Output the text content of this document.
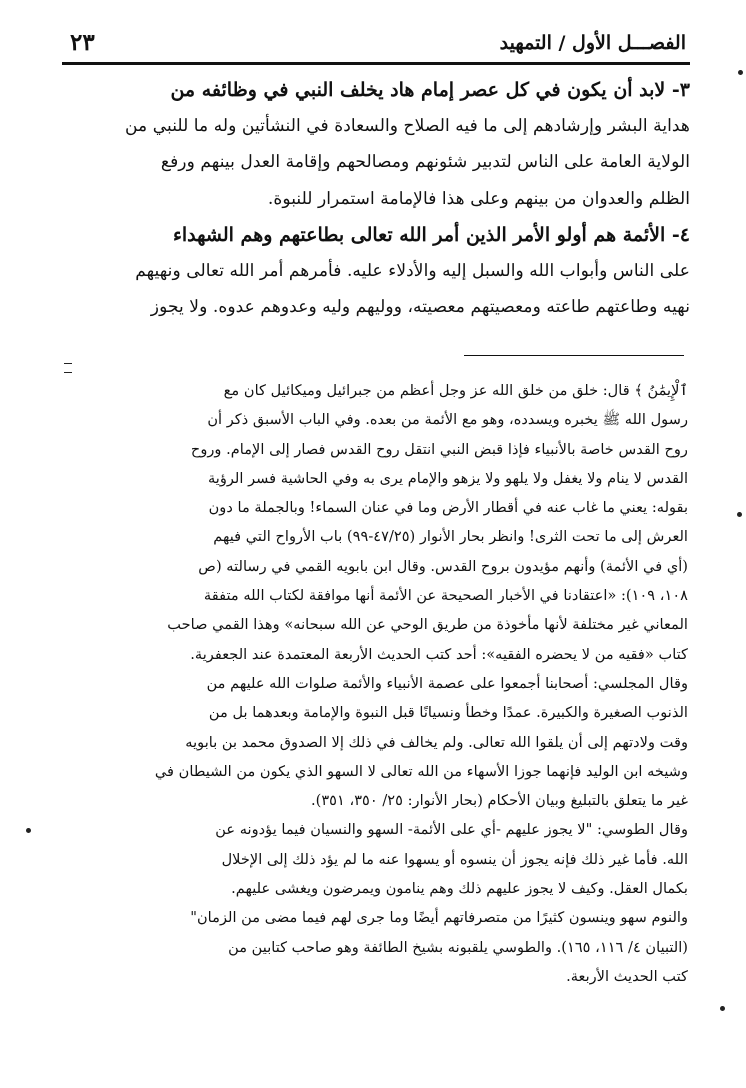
الفصـــل الأول / التمهيد
٢٣
٣- لابد أن يكون في كل عصر إمام هاد يخلف النبي في وظائفه من
هداية البشر وإرشادهم إلى ما فيه الصلاح والسعادة في النشأتين وله ما للنبي من
الولاية العامة على الناس لتدبير شئونهم ومصالحهم وإقامة العدل بينهم ورفع
الظلم والعدوان من بينهم وعلى هذا فالإمامة استمرار للنبوة.
٤- الأئمة هم أولو الأمر الذين أمر الله تعالى بطاعتهم وهم الشهداء
على الناس وأبواب الله والسبل إليه والأدلاء عليه. فأمرهم أمر الله تعالى ونهيهم
نهيه وطاعتهم طاعته ومعصيتهم معصيته، ووليهم وليه وعدوهم عدوه. ولا يجوز
ٱلْإِيمَٰنُ ﴾ قال: خلق من خلق الله عز وجل أعظم من جبرائيل وميكائيل كان مع
رسول الله ﷺ يخبره ويسدده، وهو مع الأئمة من بعده. وفي الباب الأسبق ذكر أن
روح القدس خاصة بالأنبياء فإذا قبض النبي انتقل روح القدس فصار إلى الإمام. وروح
القدس لا ينام ولا يغفل ولا يلهو ولا يزهو والإمام يرى به وفي الحاشية فسر الرؤية
بقوله: يعني ما غاب عنه في أقطار الأرض وما في عنان السماء! وبالجملة ما دون
العرش إلى ما تحت الثرى! وانظر بحار الأنوار (٤٧/٢٥-٩٩) باب الأرواح التي فيهم
(أي في الأئمة) وأنهم مؤيدون بروح القدس. وقال ابن بابويه القمي في رسالته (ص
١٠٨، ١٠٩): «اعتقادنا في الأخبار الصحيحة عن الأئمة أنها موافقة لكتاب الله متفقة
المعاني غير مختلفة لأنها مأخوذة من طريق الوحي عن الله سبحانه» وهذا القمي صاحب
كتاب «فقيه من لا يحضره الفقيه»: أحد كتب الحديث الأربعة المعتمدة عند الجعفرية.
وقال المجلسي: أصحابنا أجمعوا على عصمة الأنبياء والأئمة صلوات الله عليهم من
الذنوب الصغيرة والكبيرة. عمدًا وخطأ ونسيانًا قبل النبوة والإمامة وبعدهما بل من
وقت ولادتهم إلى أن يلقوا الله تعالى. ولم يخالف في ذلك إلا الصدوق محمد بن بابويه
وشيخه ابن الوليد فإنهما جوزا الأسهاء من الله تعالى لا السهو الذي يكون من الشيطان في
غير ما يتعلق بالتبليغ وبيان الأحكام (بحار الأنوار: ٢٥/ ٣٥٠، ٣٥١).
وقال الطوسي: "لا يجوز عليهم -أي على الأئمة- السهو والنسيان فيما يؤدونه عن
الله. فأما غير ذلك فإنه يجوز أن ينسوه أو يسهوا عنه ما لم يؤد ذلك إلى الإخلال
بكمال العقل. وكيف لا يجوز عليهم ذلك وهم ينامون ويمرضون ويغشى عليهم.
والنوم سهو وينسون كثيرًا من متصرفاتهم أيضًا وما جرى لهم فيما مضى من الزمان"
(التبيان ٤/ ١١٦، ١٦٥). والطوسي يلقبونه بشيخ الطائفة وهو صاحب كتابين من
كتب الحديث الأربعة.
